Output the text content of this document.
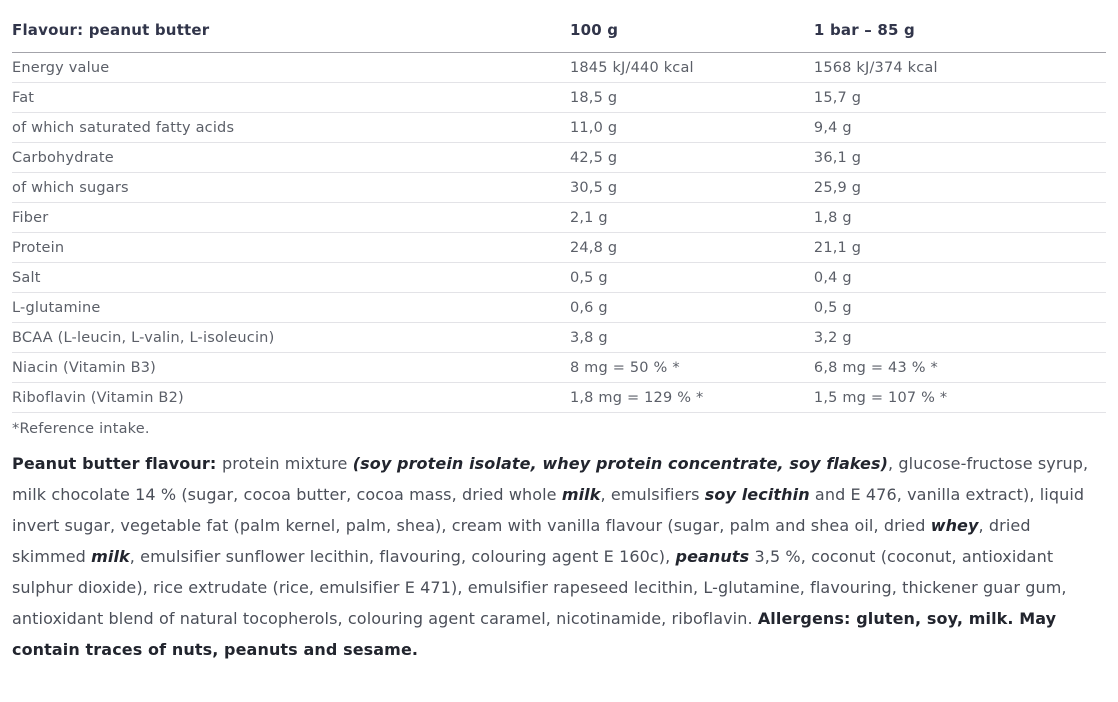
Flavour: peanut butter	100 g	1 bar – 85 g
Energy value	1845 kJ/440 kcal	1568 kJ/374 kcal
Fat	18,5 g	15,7 g
of which saturated fatty acids	11,0 g	9,4 g
Carbohydrate	42,5 g	36,1 g
of which sugars	30,5 g	25,9 g
Fiber	2,1 g	1,8 g
Protein	24,8 g	21,1 g
Salt	0,5 g	0,4 g
L-glutamine	0,6 g	0,5 g
BCAA (L-leucin, L-valin, L-isoleucin)	3,8 g	3,2 g
Niacin (Vitamin B3)	8 mg = 50 % *	6,8 mg = 43 % *
Riboflavin (Vitamin B2)	1,8 mg = 129 % *	1,5 mg = 107 % *

*Reference intake.

Peanut butter flavour: protein mixture (soy protein isolate, whey protein concentrate, soy flakes), glucose-fructose syrup, milk chocolate 14 % (sugar, cocoa butter, cocoa mass, dried whole milk, emulsifiers soy lecithin and E 476, vanilla extract), liquid invert sugar, vegetable fat (palm kernel, palm, shea), cream with vanilla flavour (sugar, palm and shea oil, dried whey, dried skimmed milk, emulsifier sunflower lecithin, flavouring, colouring agent E 160c), peanuts 3,5 %, coconut (coconut, antioxidant sulphur dioxide), rice extrudate (rice, emulsifier E 471), emulsifier rapeseed lecithin, L-glutamine, flavouring, thickener guar gum, antioxidant blend of natural tocopherols, colouring agent caramel, nicotinamide, riboflavin. Allergens: gluten, soy, milk. May contain traces of nuts, peanuts and sesame.
